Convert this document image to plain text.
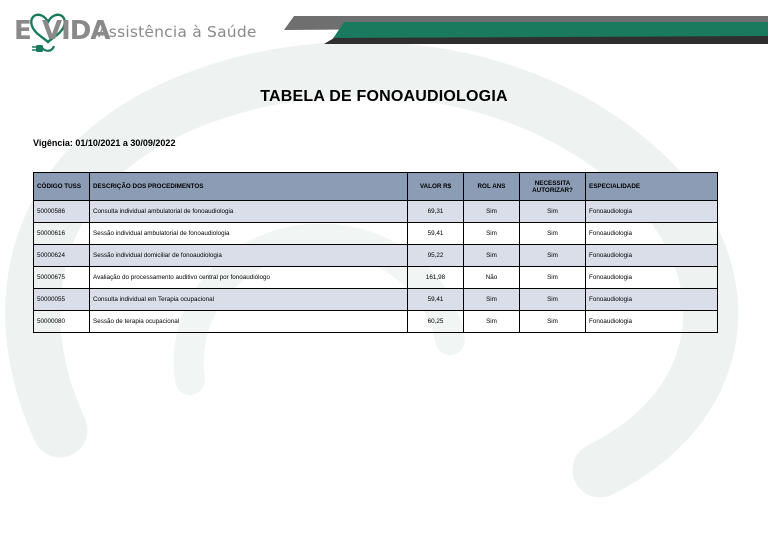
E VIDA
Assistência à Saúde
TABELA DE FONOAUDIOLOGIA
Vigência: 01/10/2021 a 30/09/2022
CÓDIGO TUSS	DESCRIÇÃO DOS PROCEDIMENTOS	VALOR R$	ROL ANS	NECESSITA AUTORIZAR?	ESPECIALIDADE
50000586	Consulta individual ambulatorial de fonoaudiologia	69,31	Sim	Sim	Fonoaudiologia
50000616	Sessão individual ambulatorial de fonoaudiologia	59,41	Sim	Sim	Fonoaudiologia
50000624	Sessão individual domiciliar de fonoaudiologia	95,22	Sim	Sim	Fonoaudiologia
50000675	Avaliação do processamento auditivo central por fonoaudiólogo	161,98	Não	Sim	Fonoaudiologia
50000055	Consulta individual em Terapia ocupacional	59,41	Sim	Sim	Fonoaudiologia
50000080	Sessão de terapia ocupacional	60,25	Sim	Sim	Fonoaudiologia
